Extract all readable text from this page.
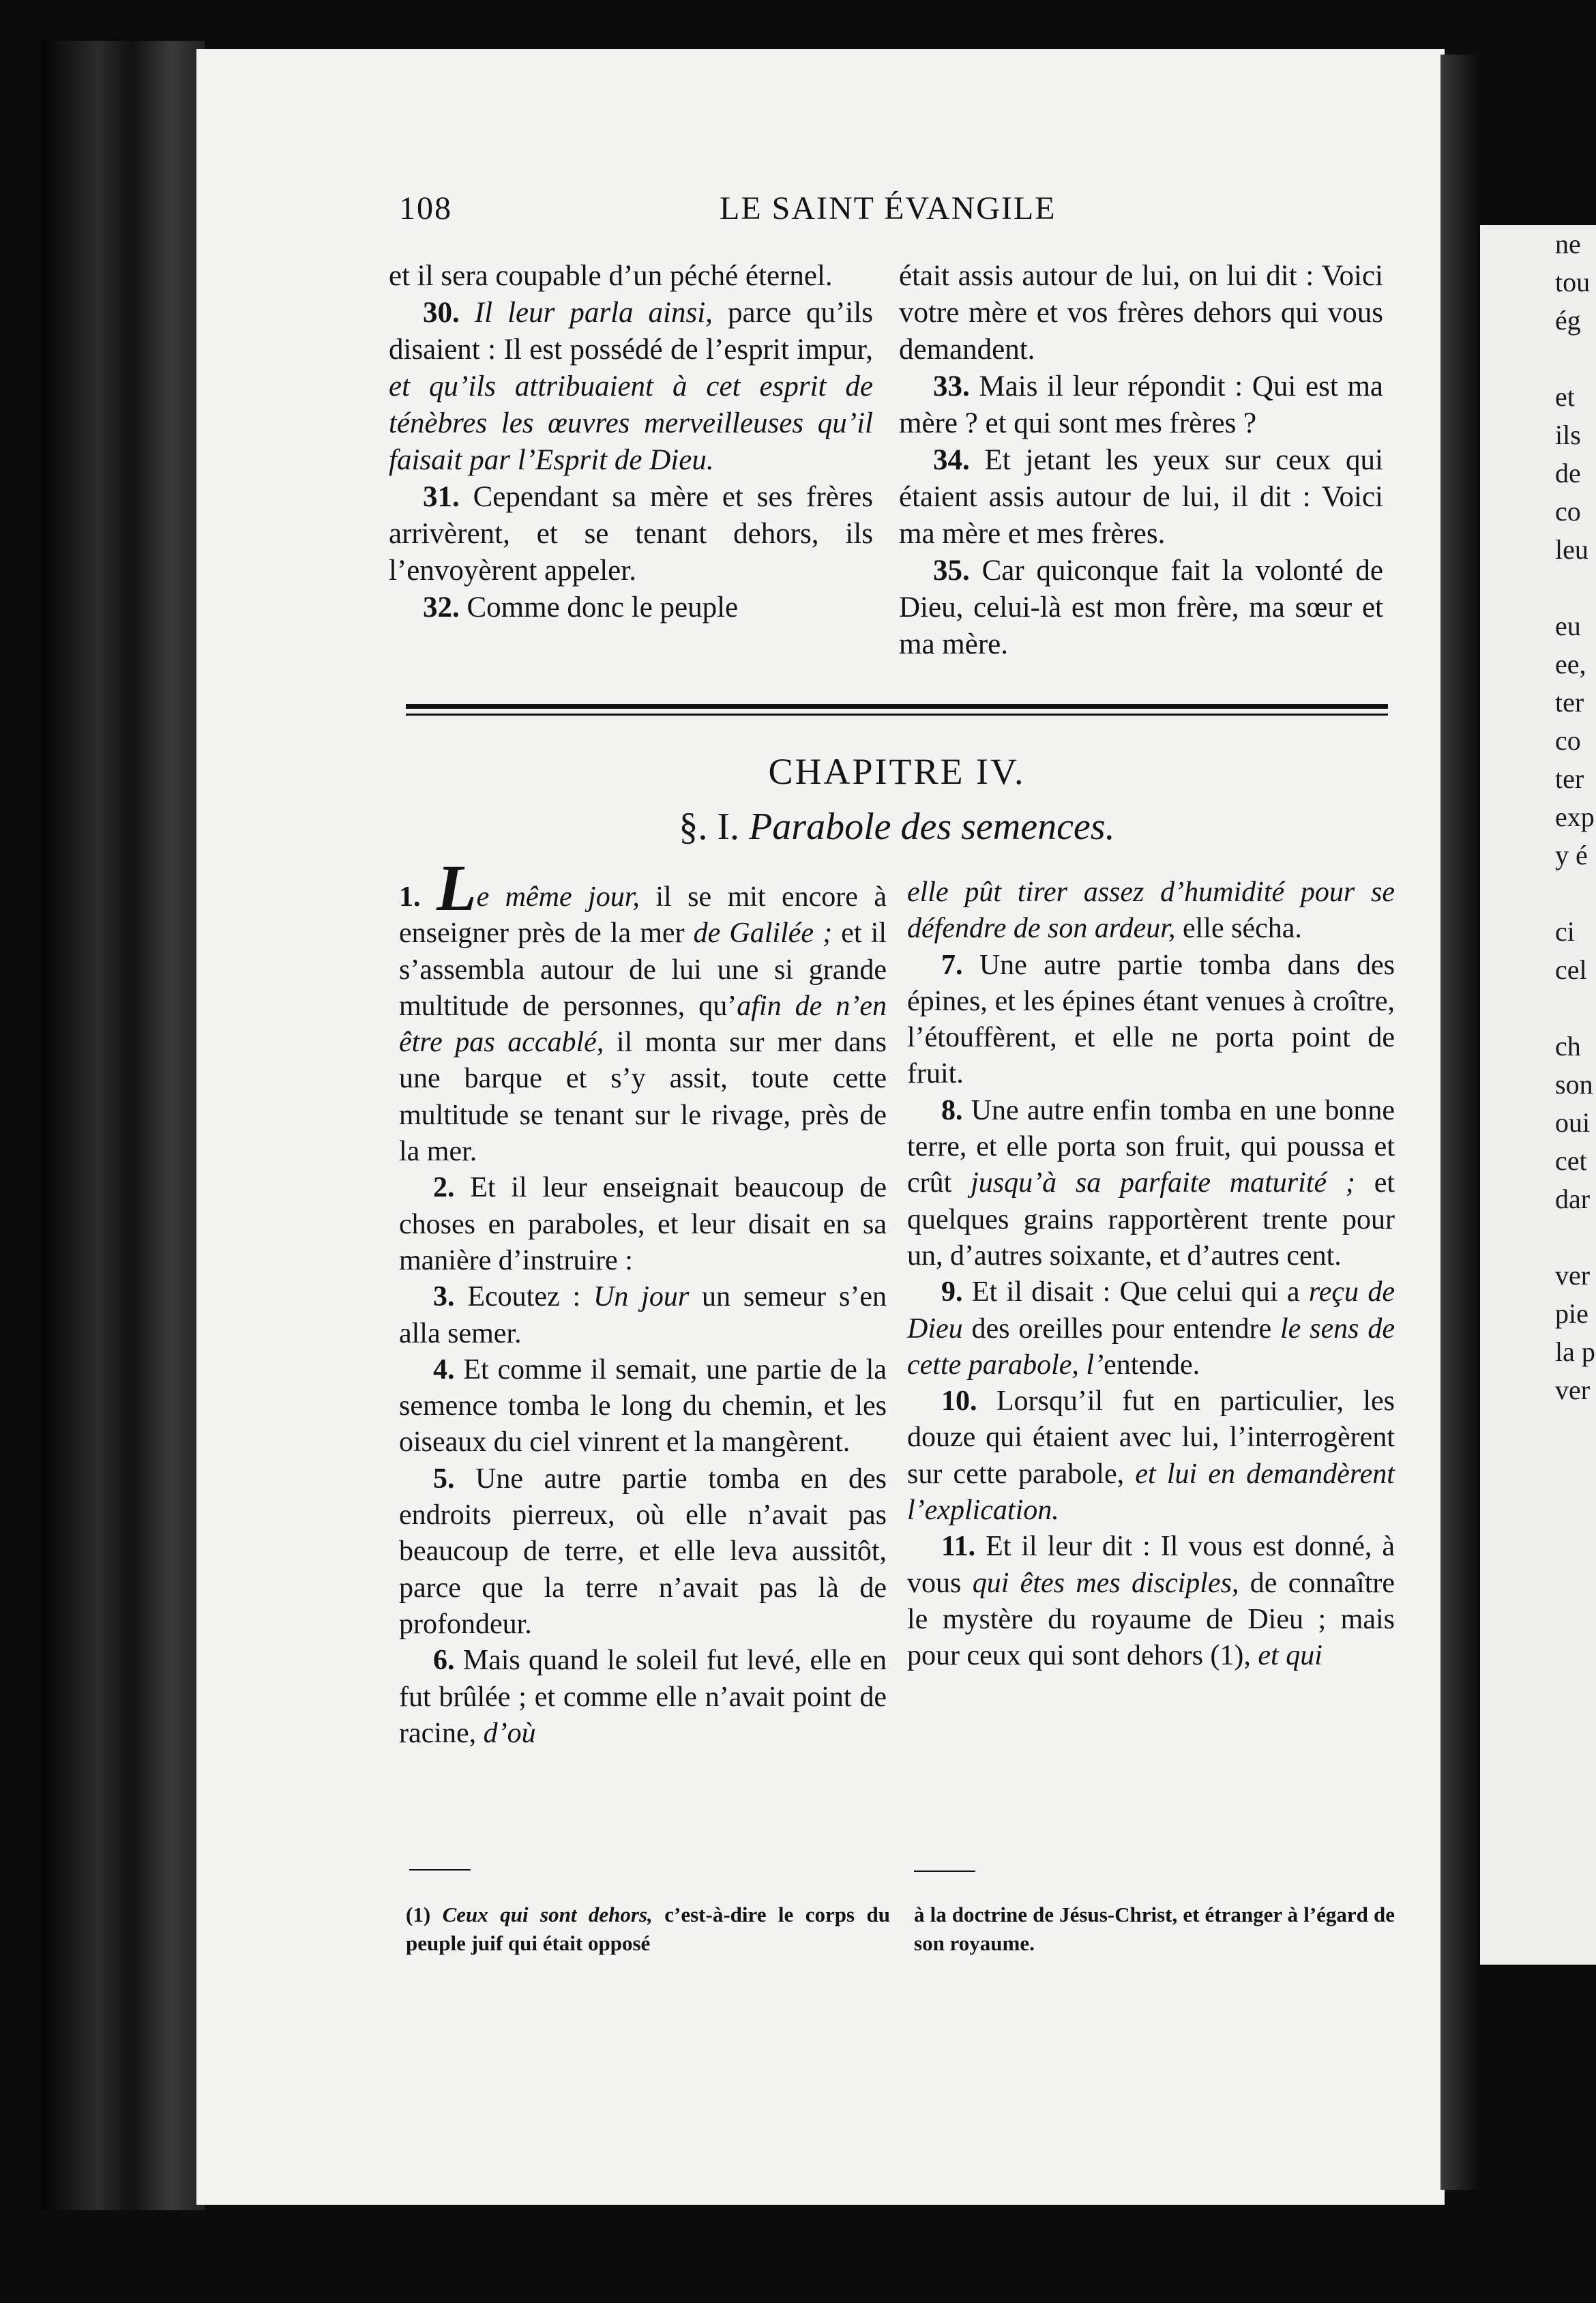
ne
tou
ég

et
ils
de
co
leu

eu
ee,
ter
co
ter
exp
y é

ci
cel

ch
son
oui
cet
dar

ver
pie
la p
ver
108	LE SAINT ÉVANGILE

et il sera coupable d’un péché éternel.

30. Il leur parla ainsi, parce qu’ils disaient : Il est possédé de l’esprit impur, et qu’ils attribuaient à cet esprit de ténèbres les œuvres merveilleuses qu’il faisait par l’Esprit de Dieu.

31. Cependant sa mère et ses frères arrivèrent, et se tenant dehors, ils l’envoyèrent appeler.

32. Comme donc le peuple

était assis autour de lui, on lui dit : Voici votre mère et vos frères dehors qui vous demandent.

33. Mais il leur répondit : Qui est ma mère ? et qui sont mes frères ?

34. Et jetant les yeux sur ceux qui étaient assis autour de lui, il dit : Voici ma mère et mes frères.

35. Car quiconque fait la volonté de Dieu, celui-là est mon frère, ma sœur et ma mère.

CHAPITRE IV.
§. I. Parabole des semences.

1. Le même jour, il se mit encore à enseigner près de la mer de Galilée ; et il s’assembla autour de lui une si grande multitude de personnes, qu’afin de n’en être pas accablé, il monta sur mer dans une barque et s’y assit, toute cette multitude se tenant sur le rivage, près de la mer.

2. Et il leur enseignait beaucoup de choses en paraboles, et leur disait en sa manière d’instruire :

3. Ecoutez : Un jour un semeur s’en alla semer.

4. Et comme il semait, une partie de la semence tomba le long du chemin, et les oiseaux du ciel vinrent et la mangèrent.

5. Une autre partie tomba en des endroits pierreux, où elle n’avait pas beaucoup de terre, et elle leva aussitôt, parce que la terre n’avait pas là de profondeur.

6. Mais quand le soleil fut levé, elle en fut brûlée ; et comme elle n’avait point de racine, d’où

elle pût tirer assez d’humidité pour se défendre de son ardeur, elle sécha.

7. Une autre partie tomba dans des épines, et les épines étant venues à croître, l’étouffèrent, et elle ne porta point de fruit.

8. Une autre enfin tomba en une bonne terre, et elle porta son fruit, qui poussa et crût jusqu’à sa parfaite maturité ; et quelques grains rapportèrent trente pour un, d’autres soixante, et d’autres cent.

9. Et il disait : Que celui qui a reçu de Dieu des oreilles pour entendre le sens de cette parabole, l’entende.

10. Lorsqu’il fut en particulier, les douze qui étaient avec lui, l’interrogèrent sur cette parabole, et lui en demandèrent l’explication.

11. Et il leur dit : Il vous est donné, à vous qui êtes mes disciples, de connaître le mystère du royaume de Dieu ; mais pour ceux qui sont dehors (1), et qui

(1) Ceux qui sont dehors, c’est-à-dire le corps du peuple juif qui était opposé

à la doctrine de Jésus-Christ, et étranger à l’égard de son royaume.
